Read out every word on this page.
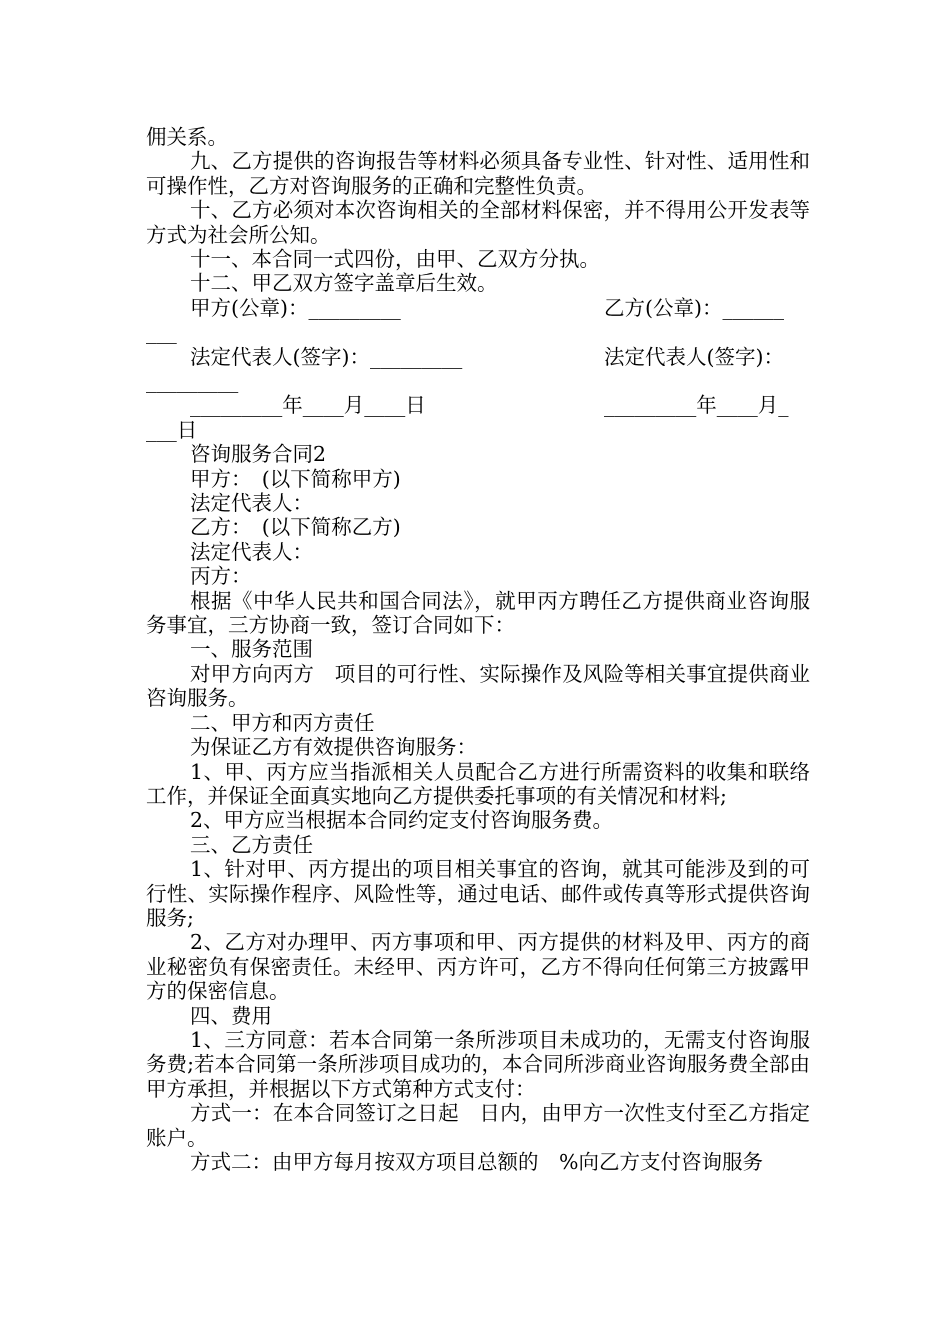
佣关系。
九、乙方提供的咨询报告等材料必须具备专业性、针对性、适用性和可操作性，乙方对咨询服务的正确和完整性负责。
十、乙方必须对本次咨询相关的全部材料保密，并不得用公开发表等方式为社会所公知。
十一、本合同一式四份，由甲、乙双方分执。
十二、甲乙双方签字盖章后生效。
甲方(公章)：_________	乙方(公章)：______
___
法定代表人(签字)：_________	法定代表人(签字)：
_________
_________年____月____日	_________年____月_
___日
咨询服务合同2
甲方：　(以下简称甲方)
法定代表人：
乙方：　(以下简称乙方)
法定代表人：
丙方：
根据《中华人民共和国合同法》，就甲丙方聘任乙方提供商业咨询服务事宜，三方协商一致，签订合同如下：
一、服务范围
对甲方向丙方　项目的可行性、实际操作及风险等相关事宜提供商业咨询服务。
二、甲方和丙方责任
为保证乙方有效提供咨询服务：
1、甲、丙方应当指派相关人员配合乙方进行所需资料的收集和联络工作，并保证全面真实地向乙方提供委托事项的有关情况和材料;
2、甲方应当根据本合同约定支付咨询服务费。
三、乙方责任
1、针对甲、丙方提出的项目相关事宜的咨询，就其可能涉及到的可行性、实际操作程序、风险性等，通过电话、邮件或传真等形式提供咨询服务;
2、乙方对办理甲、丙方事项和甲、丙方提供的材料及甲、丙方的商业秘密负有保密责任。未经甲、丙方许可，乙方不得向任何第三方披露甲方的保密信息。
四、费用
1、三方同意：若本合同第一条所涉项目未成功的，无需支付咨询服务费;若本合同第一条所涉项目成功的，本合同所涉商业咨询服务费全部由甲方承担，并根据以下方式第种方式支付：
方式一：在本合同签订之日起　日内，由甲方一次性支付至乙方指定账户。
方式二：由甲方每月按双方项目总额的　%向乙方支付咨询服务
